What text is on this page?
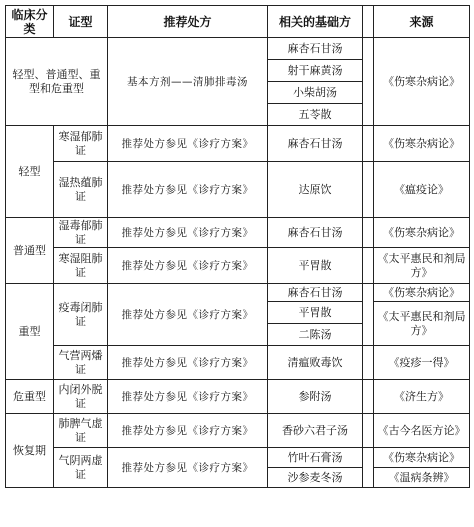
临床分类	证型	推荐处方	相关的基础方		来源
轻型、普通型、重型和危重型		基本方剂——清肺排毒汤	麻杏石甘汤		《伤寒杂病论》
			射干麻黄汤		
			小柴胡汤		
			五苓散		
轻型	寒湿郁肺证	推荐处方参见《诊疗方案》	麻杏石甘汤		《伤寒杂病论》
	湿热蕴肺证	推荐处方参见《诊疗方案》	达原饮		《瘟疫论》
普通型	湿毒郁肺证	推荐处方参见《诊疗方案》	麻杏石甘汤		《伤寒杂病论》
	寒湿阻肺证	推荐处方参见《诊疗方案》	平胃散		《太平惠民和剂局方》
重型	疫毒闭肺证	推荐处方参见《诊疗方案》	麻杏石甘汤		《伤寒杂病论》
			平胃散		《太平惠民和剂局方》
			二陈汤		
	气营两燔证	推荐处方参见《诊疗方案》	清瘟败毒饮		《疫疹一得》
危重型	内闭外脱证	推荐处方参见《诊疗方案》	参附汤		《济生方》
恢复期	肺脾气虚证	推荐处方参见《诊疗方案》	香砂六君子汤		《古今名医方论》
	气阴两虚证	推荐处方参见《诊疗方案》	竹叶石膏汤		《伤寒杂病论》
			沙参麦冬汤		《温病条辨》
